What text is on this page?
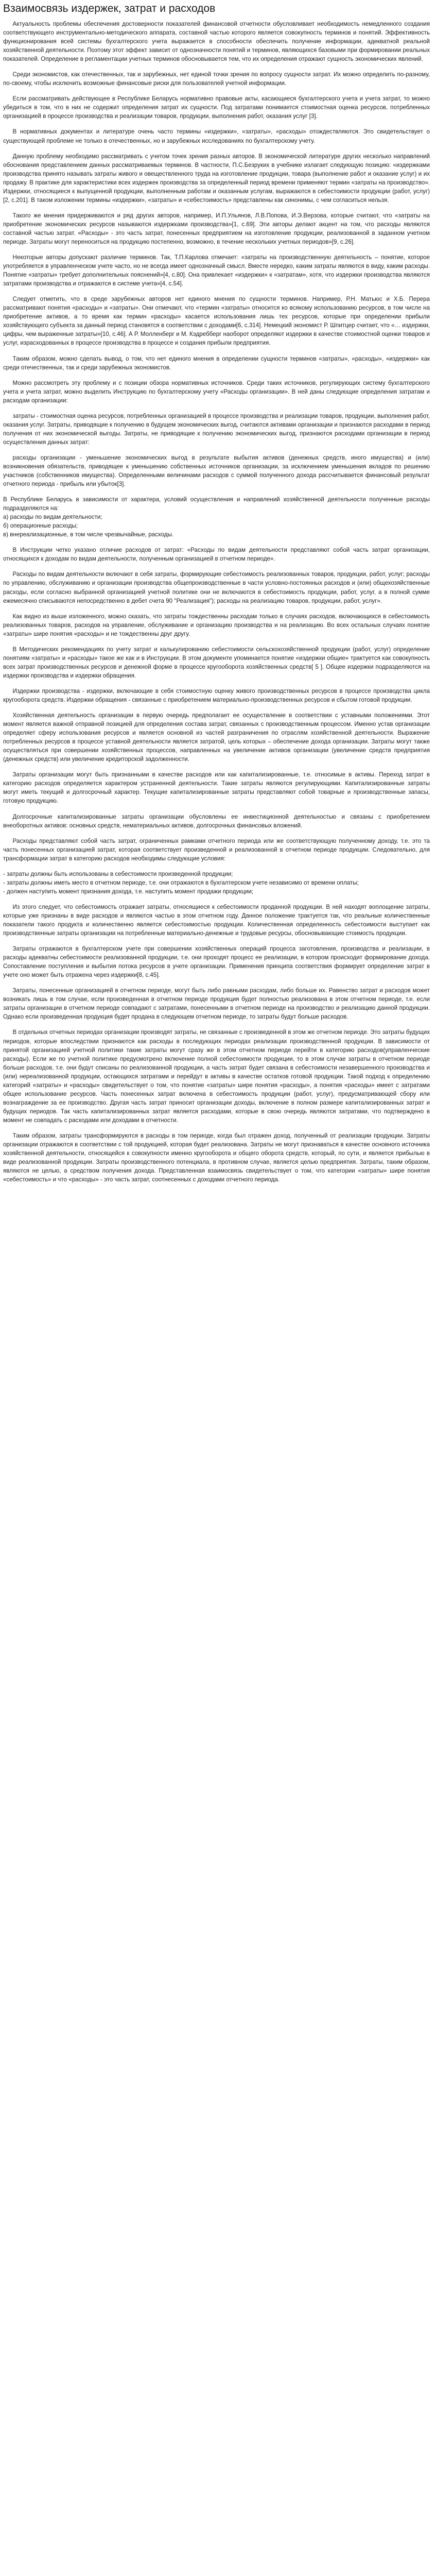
Взаимосвязь издержек, затрат и расходов

Актуальность проблемы обеспечения достоверности показателей финансовой отчетности обусловливает необходимость немедленного создания соответствующего инструментально-методического аппарата, составной частью которого является совокупность терминов и понятий. Эффективность функционирования всей системы бухгалтерского учета выражается в способности обеспечить получение информации, адекватной реальной хозяйственной деятельности. Поэтому этот эффект зависит от однозначности понятий и терминов, являющихся базовыми при формировании реальных показателей. Определение в регламентации учетных терминов обосновывается тем, что их определения отражают сущность экономических явлений.

Среди экономистов, как отечественных, так и зарубежных, нет единой точки зрения по вопросу сущности затрат. Их можно определить по-разному, по-своему, чтобы исключить возможные финансовые риски для пользователей учетной информации.

Если рассматривать действующее в Республике Беларусь нормативно правовые акты, касающиеся бухгалтерского учета и учета затрат, то можно убедиться в том, что в них не содержит определения затрат их сущности. Под затратами понимается стоимостная оценка ресурсов, потребленных организацией в процессе производства и реализации товаров, продукции, выполнения работ, оказания услуг [3].

В нормативных документах и литературе очень часто термины «издержки», «затраты», «расходы» отождествляются. Это свидетельствует о существующей проблеме не только в отечественных, но и зарубежных исследованиях по бухгалтерскому учету.

Данную проблему необходимо рассматривать с учетом точек зрения разных авторов. В экономической литературе других несколько направлений обоснования представлением данных рассматриваемых терминов. В частности, П.С.Безруких в учебнике излагает следующую позицию: «издержками производства принято называть затраты живого и овеществленного труда на изготовление продукции, товара (выполнение работ и оказание услуг) и их продажу. В практике для характеристики всех издержек производства за определенный период времени применяют термин «затраты на производство». Издержки, относящиеся к выпущенной продукции, выполненным работам и оказанным услугам, выражаются в себестоимости продукции (работ, услуг)[2, с.201]. В таком изложении термины «издержки», «затраты» и «себестоимость» представлены как синонимы, с чем согласиться нельзя.

Такого же мнения придерживаются и ряд других авторов, например, И.П.Ульянов, Л.В.Попова, И.Э.Верзова, которые считают, что «затраты на приобретение экономических ресурсов называются издержками производства»[1, с.69]. Эти авторы делают акцент на том, что расходы являются составной частью затрат. «Расходы» - это часть затрат, понесенных предприятием на изготовление продукции, реализованной в заданном учетном периоде. Затраты могут переноситься на продукцию постепенно, возможно, в течение нескольких учетных периодов»[9, с.26].

Некоторые авторы допускают различие терминов. Так, Т.П.Карлова отмечает: «затраты на производственную деятельность – понятие, которое употребляется в управленческом учете часто, но не всегда имеет однозначный смысл. Вместе нередко, каким затраты являются в виду, каким расходы. Понятие «затраты» требует дополнительных пояснений»[4, с.80]. Она привлекает «издержки» к «затратам», хотя, что издержки производства являются затратами производства и отражаются в системе учета»[4, с.54].

Следует отметить, что в среде зарубежных авторов нет единого мнения по сущности терминов. Например, Р.Н. Матьюс и Х.Б. Перера рассматривают понятия «расходы» и «затраты». Они отмечают, что «термин «затраты» относится ко всякому использованию ресурсов, в том числе на приобретение активов, а то время как термин «расходы» касается использования лишь тех ресурсов, которые при определении прибыли хозяйствующего субъекта за данный период становятся в соответствии с доходами[6, с.314]. Немецкий экономист Р. Шпитцер считает, что «… издержки, цифры, чем выраженные затраты»[10, с.46]. А Р. Молленберг и М. Кэдребберг наоборот определяют издержки в качестве стоимостной оценки товаров и услуг, израсходованных в процессе производства в процессе и создания прибыли предприятия.

Таким образом, можно сделать вывод, о том, что нет единого мнения в определении сущности терминов «затраты», «расходы», «издержки» как среди отечественных, так и среди зарубежных экономистов.

Можно рассмотреть эту проблему и с позиции обзора нормативных источников. Среди таких источников, регулирующих систему бухгалтерского учета и учета затрат, можно выделить Инструкцию по бухгалтерскому учету «Расходы организации». В ней даны следующие определения затратам и расходам организации:

затраты - стоимостная оценка ресурсов, потребленных организацией в процессе производства и реализации товаров, продукции, выполнения работ, оказания услуг. Затраты, приводящие к получению в будущем экономических выгод, считаются активами организации и признаются расходами в период получения от них экономической выгоды. Затраты, не приводящие к получению экономических выгод, признаются расходами организации в период осуществления данных затрат:

расходы организации - уменьшение экономических выгод в результате выбытия активов (денежных средств, иного имущества) и (или) возникновения обязательств, приводящее к уменьшению собственных источников организации, за исключением уменьшения вкладов по решению участников (собственников имущества). Определенными величинами расходов с суммой полученного дохода рассчитывается финансовый результат отчетного периода - прибыль или убыток[3].

В Республике Беларусь в зависимости от характера, условий осуществления и направлений хозяйственной деятельности полученные расходы подразделяются на:

а) расходы по видам деятельности;

б) операционные расходы;

в) внереализационные, в том числе чрезвычайные, расходы.

В Инструкции четко указано отличие расходов от затрат: «Расходы по видам деятельности представляют собой часть затрат организации, относящихся к доходам по видам деятельности, полученным организацией в отчетном периоде».

Расходы по видам деятельности включают в себя затраты, формирующие себестоимость реализованных товаров, продукции, работ, услуг; расходы по управлению, обслуживанию и организации производства общепроизводственные в части условно-постоянных расходов и (или) общехозяйственные расходы, если согласно выбранной организацией учетной политике они не включаются в себестоимость продукции, работ, услуг, а в полной сумме ежемесячно списываются непосредственно в дебет счета 90 "Реализация"); расходы на реализацию товаров, продукции, работ, услуг».

Как видно из выше изложенного, можно сказать, что затраты тождественны расходам только в случаях расходов, включающихся в себестоимость реализованных товаров, расходов на управление, обслуживание и организацию производства и на реализацию. Во всех остальных случаях понятие «затраты» шире понятия «расходы» и не тождественны друг другу.

В Методических рекомендациях по учету затрат и калькулированию себестоимости сельскохозяйственной продукции (работ, услуг) определение понятиям «затраты» и «расходы» такое же как и в Инструкции. В этом документе упоминается понятие «издержки общие» трактуется как совокупность всех затрат производственных ресурсов и денежной форме в процессе кругооборота хозяйственных средств[ 5 ]. Общее издержки подразделяются на издержки производства и издержки обращения.

Издержки производства - издержки, включающие в себя стоимостную оценку живого производственных ресурсов в процессе производства цикла кругооборота средств. Издержки обращения - связанные с приобретением материально-производственных ресурсов и сбытом готовой продукции.

Хозяйственная деятельность организации в первую очередь предполагает ее осуществление в соответствии с уставными положениями. Этот момент является важной отправной позицией для определения состава затрат, связанных с производственным процессом. Именно устав организации определяет сферу использования ресурсов и является основной из частей разграничения по отраслям хозяйственной деятельности. Выражение потребленных ресурсов в процессе уставной деятельности является затратой, цель которых – обеспечение дохода организации. Затраты могут также осуществляться при совершении хозяйственных процессов, направленных на увеличение активов организации (увеличение средств предприятия (денежных средств) или увеличение кредиторской задолженности.

Затраты организации могут быть признанными в качестве расходов или как капитализированные, т.е. относимые в активы. Переход затрат в категорию расходов определяется характером устраненной деятельности. Такие затраты являются регулирующими. Капитализированные затраты могут иметь текущий и долгосрочный характер. Текущие капитализированные затраты представляют собой товарные и производственные запасы, готовую продукцию.

Долгосрочные капитализированные затраты организации обусловлены ее инвестиционной деятельностью и связаны с приобретением внеоборотных активов: основных средств, нематериальных активов, долгосрочных финансовых вложений.

Расходы представляют собой часть затрат, ограниченных рамками отчетного периода или же соответствующую полученному доходу, т.е. это та часть понесенных организацией затрат, которая соответствует произведенной и реализованной в отчетном периоде продукции. Следовательно, для трансформации затрат в категорию расходов необходимы следующие условия:

- затраты должны быть использованы в себестоимости произведенной продукции;

- затраты должны иметь место в отчетном периоде, т.е. они отражаются в бухгалтерском учете независимо от времени оплаты;

- должен наступить момент признания дохода, т.е. наступить момент продажи продукции;

Из этого следует, что себестоимость отражает затраты, относящиеся к себестоимости проданной продукции. В ней находят воплощение затраты, которые уже признаны в виде расходов и являются частью в этом отчетном году. Данное положение трактуется так, что реальные количественные показатели такого продукта и количественно является себестоимостью продукции. Количественная определенность себестоимости выступает как производственные затраты организации на потребленные материально-денежные и трудовые ресурсы, обосновывающие стоимость продукции.

Затраты отражаются в бухгалтерском учете при совершении хозяйственных операций процесса заготовления, производства и реализации, в расходы адекватны себестоимости реализованной продукции, т.е. они проходят процесс ее реализации, в котором происходит формирование дохода. Сопоставление поступления и выбытия потока ресурсов в учете организации. Применения принципа соответствия формирует определение затрат в учете оно может быть отражена через издержки[8, с.45].

Затраты, понесенные организацией в отчетном периоде, могут быть либо равными расходам, либо больше их. Равенство затрат и расходов может возникать лишь в том случае, если произведенная в отчетном периоде продукция будет полностью реализована в этом отчетном периоде, т.е. если затраты организации в отчетном периоде совпадают с затратами, понесенными в отчетном периоде на производство и реализацию данной продукции. Однако если произведенная продукция будет продана в следующем отчетном периоде, то затраты будут больше расходов.

В отдельных отчетных периодах организации производят затраты, не связанные с произведенной в этом же отчетном периоде. Это затраты будущих периодов, которые впоследствии признаются как расходы в последующих периодах реализации производственной продукции. В зависимости от принятой организацией учетной политики такие затраты могут сразу же в этом отчетном периоде перейти в категорию расходов(управленческие расходы). Если же по учетной политике предусмотрено включение полной себестоимости продукции, то в этом случае затраты в отчетном периоде больше расходов, т.е. они будут списаны по реализованной продукции, а часть затрат будет связана в себестоимости незавершенного производства и (или) нереализованной продукции, остающихся затратами и перейдут в активы в качестве остатков готовой продукции. Такой подход к определению категорий «затраты» и «расходы» свидетельствует о том, что понятие «затраты» шире понятия «расходы», а понятия «расходы» имеет с затратами общее использование ресурсов. Часть понесенных затрат включена в себестоимость продукции (работ, услуг), предусматривающей сбору или вознаграждение за ее производство. Другая часть затрат приносит организации доходы, включение в полном размере капитализированных затрат и будущих периодов. Так часть капитализированных затрат является расходами, которые в свою очередь являются затратами, что подтверждено в момент не совпадать с расходами или доходами в отчетности.

Таким образом, затраты трансформируются в расходы в том периоде, когда был отражен доход, полученный от реализации продукции. Затраты организации отражаются в соответствии с той продукцией, которая будет реализована. Затраты не могут признаваться в качестве основного источника хозяйственной деятельности, относящейся к совокупности именно кругооборота и общего оборота средств, который, по сути, и является прибылью в виде реализованной продукции. Затраты производственного потенциала, в противном случае, является целью предприятия. Затраты, таким образом, являются не целью, а средством получения дохода. Представленная взаимосвязь свидетельствует о том, что категории «затраты» шире понятия «себестоимость» и что «расходы» - это часть затрат, соотнесенных с доходами отчетного периода.
